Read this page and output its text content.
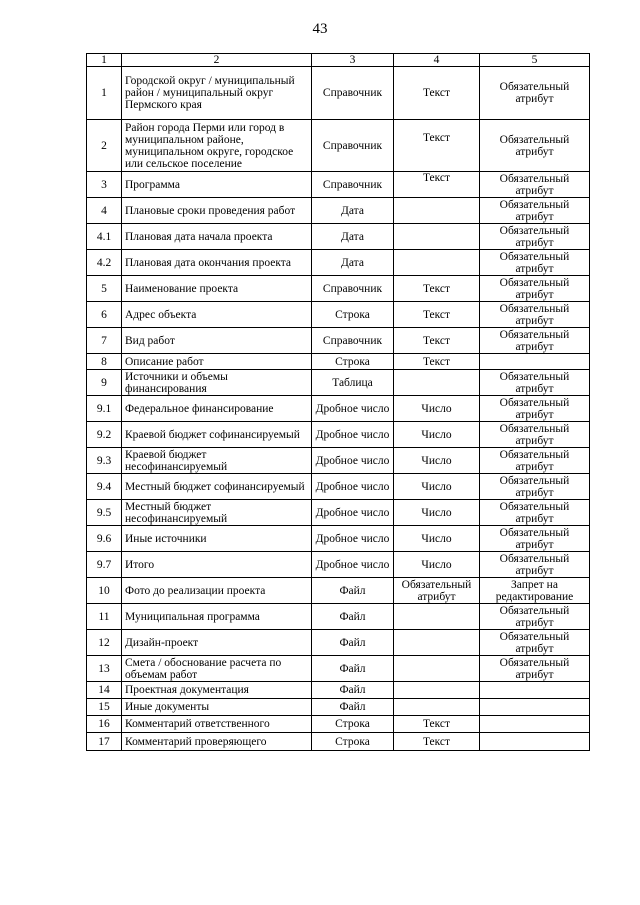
43
1	2	3	4	5
1	Городской округ / муниципальный район / муниципальный округ Пермского края	Справочник	Текст	Обязательный атрибут
2	Район города Перми или город в муниципальном районе, муниципальном округе, городское или сельское поселение	Справочник	Текст	Обязательный атрибут
3	Программа	Справочник	Текст	Обязательный атрибут
4	Плановые сроки проведения работ	Дата		Обязательный атрибут
4.1	Плановая дата начала проекта	Дата		Обязательный атрибут
4.2	Плановая дата окончания проекта	Дата		Обязательный атрибут
5	Наименование проекта	Справочник	Текст	Обязательный атрибут
6	Адрес объекта	Строка	Текст	Обязательный атрибут
7	Вид работ	Справочник	Текст	Обязательный атрибут
8	Описание работ	Строка	Текст	
9	Источники и объемы финансирования	Таблица		Обязательный атрибут
9.1	Федеральное финансирование	Дробное число	Число	Обязательный атрибут
9.2	Краевой бюджет софинансируемый	Дробное число	Число	Обязательный атрибут
9.3	Краевой бюджет несофинансируемый	Дробное число	Число	Обязательный атрибут
9.4	Местный бюджет софинансируемый	Дробное число	Число	Обязательный атрибут
9.5	Местный бюджет несофинансируемый	Дробное число	Число	Обязательный атрибут
9.6	Иные источники	Дробное число	Число	Обязательный атрибут
9.7	Итого	Дробное число	Число	Обязательный атрибут
10	Фото до реализации проекта	Файл	Обязательный атрибут	Запрет на редактирование
11	Муниципальная программа	Файл		Обязательный атрибут
12	Дизайн-проект	Файл		Обязательный атрибут
13	Смета / обоснование расчета по объемам работ	Файл		Обязательный атрибут
14	Проектная документация	Файл		
15	Иные документы	Файл		
16	Комментарий ответственного	Строка	Текст	
17	Комментарий проверяющего	Строка	Текст	
